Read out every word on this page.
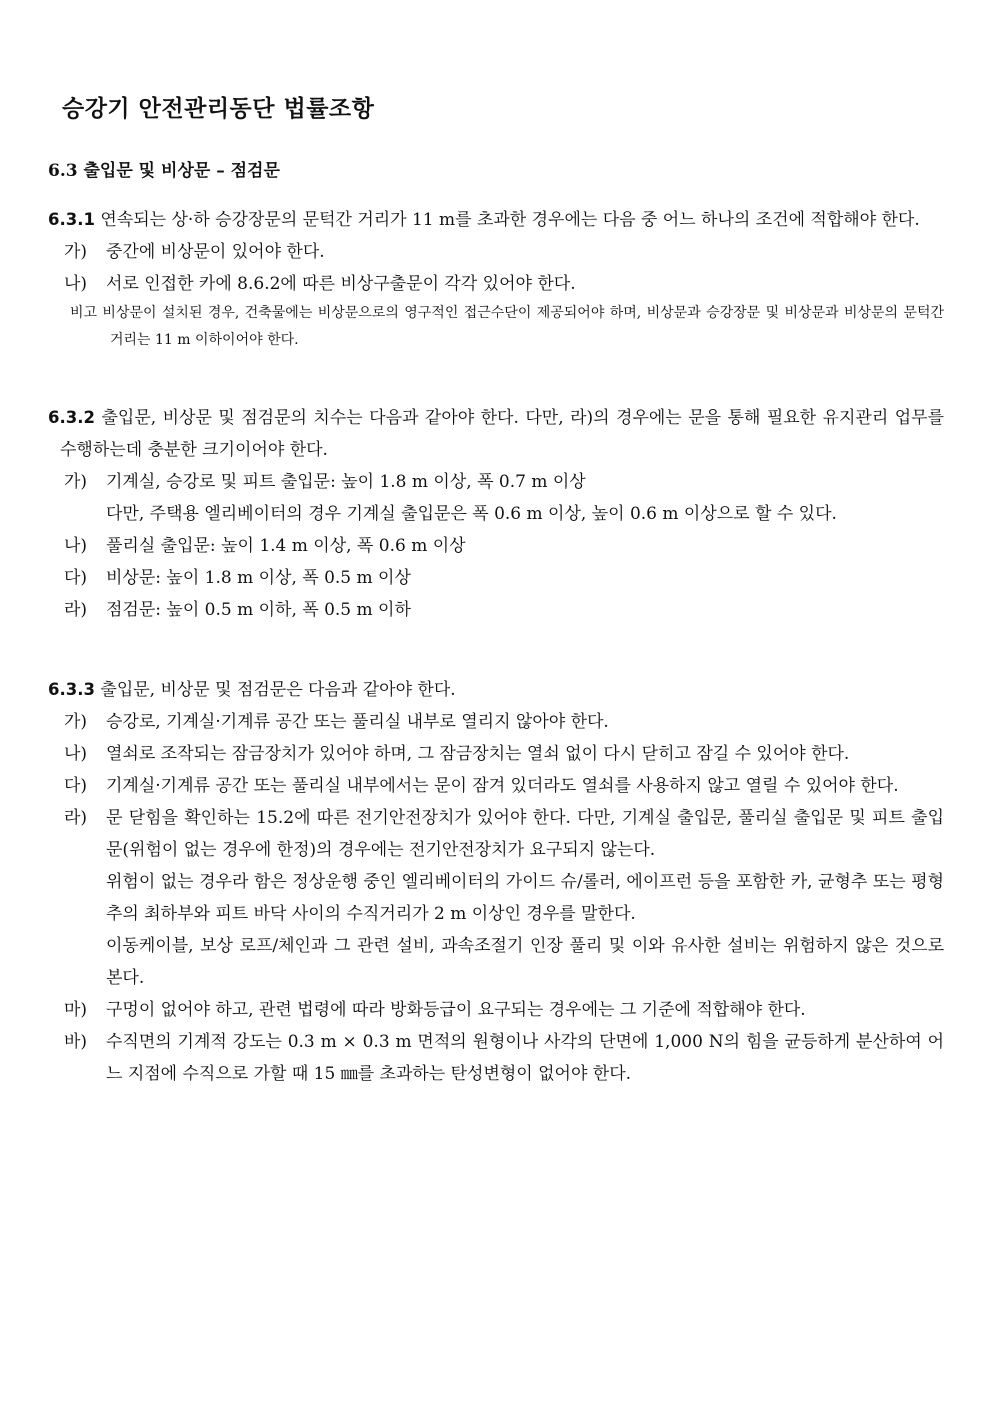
승강기 안전관리동단 법률조항
6.3 출입문 및 비상문 – 점검문

6.3.1 연속되는 상·하 승강장문의 문턱간 거리가 11 m를 초과한 경우에는 다음 중 어느 하나의 조건에 적합해야 한다.

가)	중간에 비상문이 있어야 한다.
나)	서로 인접한 카에 8.6.2에 따른 비상구출문이 각각 있어야 한다.

비고 비상문이 설치된 경우, 건축물에는 비상문으로의 영구적인 접근수단이 제공되어야 하며, 비상문과 승강장문 및 비상문과 비상문의 문턱간 거리는 11 m 이하이어야 한다.

6.3.2 출입문, 비상문 및 점검문의 치수는 다음과 같아야 한다. 다만, 라)의 경우에는 문을 통해 필요한 유지관리 업무를 수행하는데 충분한 크기이어야 한다.

가)	기계실, 승강로 및 피트 출입문: 높이 1.8 m 이상, 폭 0.7 m 이상

다만, 주택용 엘리베이터의 경우 기계실 출입문은 폭 0.6 m 이상, 높이 0.6 m 이상으로 할 수 있다.

나)	풀리실 출입문: 높이 1.4 m 이상, 폭 0.6 m 이상
다)	비상문: 높이 1.8 m 이상, 폭 0.5 m 이상
라)	점검문: 높이 0.5 m 이하, 폭 0.5 m 이하

6.3.3 출입문, 비상문 및 점검문은 다음과 같아야 한다.

가)	승강로, 기계실·기계류 공간 또는 풀리실 내부로 열리지 않아야 한다.
나)	열쇠로 조작되는 잠금장치가 있어야 하며, 그 잠금장치는 열쇠 없이 다시 닫히고 잠길 수 있어야 한다.
다)	기계실·기계류 공간 또는 풀리실 내부에서는 문이 잠겨 있더라도 열쇠를 사용하지 않고 열릴 수 있어야 한다.
라)	문 닫힘을 확인하는 15.2에 따른 전기안전장치가 있어야 한다. 다만, 기계실 출입문, 풀리실 출입문 및 피트 출입문(위험이 없는 경우에 한정)의 경우에는 전기안전장치가 요구되지 않는다.

위험이 없는 경우라 함은 정상운행 중인 엘리베이터의 가이드 슈/롤러, 에이프런 등을 포함한 카, 균형추 또는 평형추의 최하부와 피트 바닥 사이의 수직거리가 2 m 이상인 경우를 말한다.

이동케이블, 보상 로프/체인과 그 관련 설비, 과속조절기 인장 풀리 및 이와 유사한 설비는 위험하지 않은 것으로 본다.

마)	구멍이 없어야 하고, 관련 법령에 따라 방화등급이 요구되는 경우에는 그 기준에 적합해야 한다.
바)	수직면의 기계적 강도는 0.3 m × 0.3 m 면적의 원형이나 사각의 단면에 1,000 N의 힘을 균등하게 분산하여 어느 지점에 수직으로 가할 때 15 ㎜를 초과하는 탄성변형이 없어야 한다.
